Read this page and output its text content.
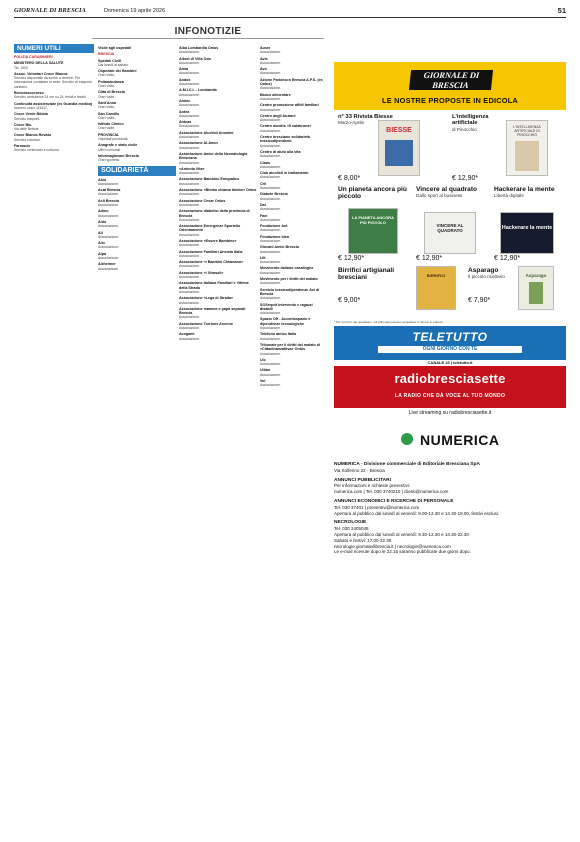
GIORNALE DI BRESCIA	Domenica 19 aprile 2026	51
INFONOTIZIE
NUMERI UTILI
POLIZIA CARABINIERI
MINISTERO DELLA SALUTE
Tel. 1500
Assoc. Volontari Croce Bianca
Servizio disponibile da lunedì a venerdì. Per informazioni contattare la sede. Servizio di trasporto sanitario.
Bresciasoccorso
Servizio ambulanze 24 ore su 24, feriali e festivi.
Continuità assistenziale (ex Guardia medica)
Numero unico 116117.
Croce Verde Bibbia
Servizio trasporti.
Croce Blu
Via delle Bettole.
Croce Bianca Rovato
Servizio volontari.
Farmacie
Servizio continuato e notturno.
Visite agli ospedali
BRESCIA
Spedali Civili
Dal lunedì al sabato.
Ospedale dei Bambini
Orari visite.
Poliambulanza
Orari visite.
Città di Brescia
Orari visite.
Sant'Anna
Orari visite.
San Camillo
Orari visite.
Istituto Clinico
Orari visite.
PROVINCIA
Ospedali provinciali.
Anagrafe e stato civile
Uffici comunali.
Informagiovani Brescia
Orari sportello.
SOLIDARIETÀ
Abio
Associazione.
Acat Brescia
Associazione.
Acli Brescia
Associazione.
Admo
Associazione.
Aido
Associazione.
Ail
Associazione.
Airc
Associazione.
Alpa
Associazione.
Alzheimer
Associazione.
Alba Lombardia Onlus
Associazione.
Albert di Villa Odo
Associazione.
Amia
Associazione.
Andos
Associazione.
A.M.I.C.I. - Lombardia
Associazione.
Anmic
Associazione.
Antea
Associazione.
Anteas
Associazione.
Associazione Alcolisti Anonimi
Associazione.
Associazione Al-Anon
Associazione.
Associazione Amici della Neonatologia Bresciana
Associazione.
«Antonia Vita»
Associazione.
Associazione Bambino Emopatico
Associazione.
Associazione «Bimbo chiama bimbo» Onlus
Associazione.
Associazione Cesar Onlus
Associazione.
Associazione diabetici della provincia di Brescia
Associazione.
Associazione Emergenze Sportello Orientamento
Associazione.
Associazione «Essere Bambino»
Associazione.
Associazione Familiari Anemia Italia
Associazione.
Associazione «I Bambini Chiamano»
Associazione.
Associazione «I Girasoli»
Associazione.
Associazione Italiana Familiari e Vittime della Strada
Associazione.
Associazione «Lega di Strada»
Associazione.
Associazione mamme e papà separati Brescia
Associazione.
Associazione Torrione Arcenre
Associazione.
Avogami
Associazione.
Auser
Associazione.
Avis
Associazione.
Avo
Associazione.
Azione Parkinson Brescia A.P.S. (ex Onlus)
Associazione.
Banco alimentare
Associazione.
Centro promozione affidi familiari
Associazione.
Centro degli Anziani
Associazione.
Centro ascolto «Il calabrone»
Associazione.
Centro bresciano solidarietà tossicodipendenti
Associazione.
Centro di aiuto alla vita
Associazione.
Ciaos
Associazione.
Club alcolisti in trattamento
Associazione.
Cril
Associazione.
Diabete Brescia
Associazione.
Dai
Associazione.
Faei
Associazione.
Fondazione Ant
Associazione.
Fondazione Idea
Associazione.
Giovani Amici Brescia
Associazione.
Lilt
Associazione.
Movimento italiano casalinghe
Associazione.
Movimento per i diritti del malato
Associazione.
Servizio tossicodipendenze Asl di Brescia
Associazione.
SOSreprit intervento e ragazzi disabili
Associazione.
Spazio Off - Accentospazio e dipendenze tecnologiche
Associazione.
Telefono amico Italia
Associazione.
Tribunale per il diritti del malato di «Cittadinanzattiva» Onlus
Associazione.
Uic
Associazione.
Uildm
Associazione.
Vol
Associazione.
GIORNALE DI BRESCIA
LE NOSTRE PROPOSTE IN EDICOLA
n° 33 Rivista Biesse
Marzo-Aprile
BIESSE
€ 8,00*
L'intelligenza artificiale
di Pinocchio	L'INTELLIGENZA ARTIFICIALE DI PINOCCHIO
€ 12,90*
Un pianeta ancora più piccolo
LA PIANETA ANCORA PIÙ PICCOLO
€ 12,90*
Vincere al quadrato
Dallo sport al business
VINCERE AL QUADRATO
€ 12,90*
Hackerare la mente
Libertà digitale
Hackerare la mente
€ 12,90*
Birrifici artigianali bresciani	BIRRIFICI
€ 9,00*
Asparago
Il piccolo ricettario	Asparago
€ 7,90*
* Più il prezzo del quotidiano. Gli abbonati possono acquistare il volume in edicola
TELETUTTO
OGNI GIORNO CON TE
CANALE 16 | teletutto.it
radiobresciasette
LA RADIO CHE DÀ VOCE AL TUO MONDO
Live streaming su radiobresciasette.it
NUMERICA
NUMERICA - Divisione commerciale di Editoriale Bresciana SpA
Via Solferino 22 - Brescia
ANNUNCI PUBBLICITARI
Per informazioni e richieste preventivi:
numerica.com | Tel. 030 3740210 | clienti@numerica.com
ANNUNCI ECONOMICI E RICERCHE DI PERSONALE
Tel. 030 37401 | preventivi@numerica.com
Apertura al pubblico dal lunedì al venerdì: 9.00-12.30 e 14.30-19.00, festivi esclusi.
NECROLOGIE
Tel. 030 2405048
Apertura al pubblico dal lunedì al venerdì: 9.30-12.30 e 14.30-22.30
Sabato e festivi: 17.00-22.30.
necrologie.giornaledibrescia.it | necrologie@numerica.com
Le e-mail ricevute dopo le 22.15 saranno pubblicate due giorni dopo.
